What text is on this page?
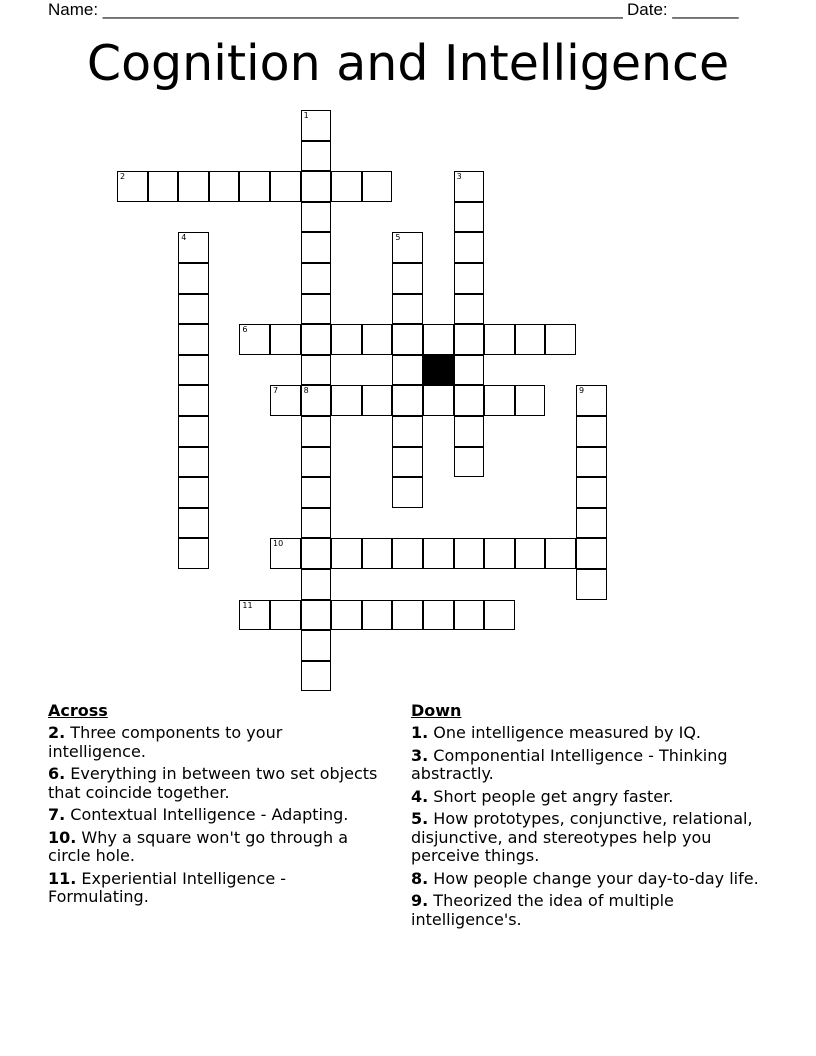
Name: _______________________________________________________ Date: _______
Cognition and Intelligence
1
8
2	3
4	5
6
7	9
10
11
Across
2. Three components to your intelligence.
6. Everything in between two set objects that coincide together.
7. Contextual Intelligence - Adapting.
10. Why a square won't go through a circle hole.
11. Experiential Intelligence - Formulating.
Down
1. One intelligence measured by IQ.
3. Componential Intelligence - Thinking abstractly.
4. Short people get angry faster.
5. How prototypes, conjunctive, relational, disjunctive, and stereotypes help you perceive things.
8. How people change your day-to-day life.
9. Theorized the idea of multiple intelligence's.
